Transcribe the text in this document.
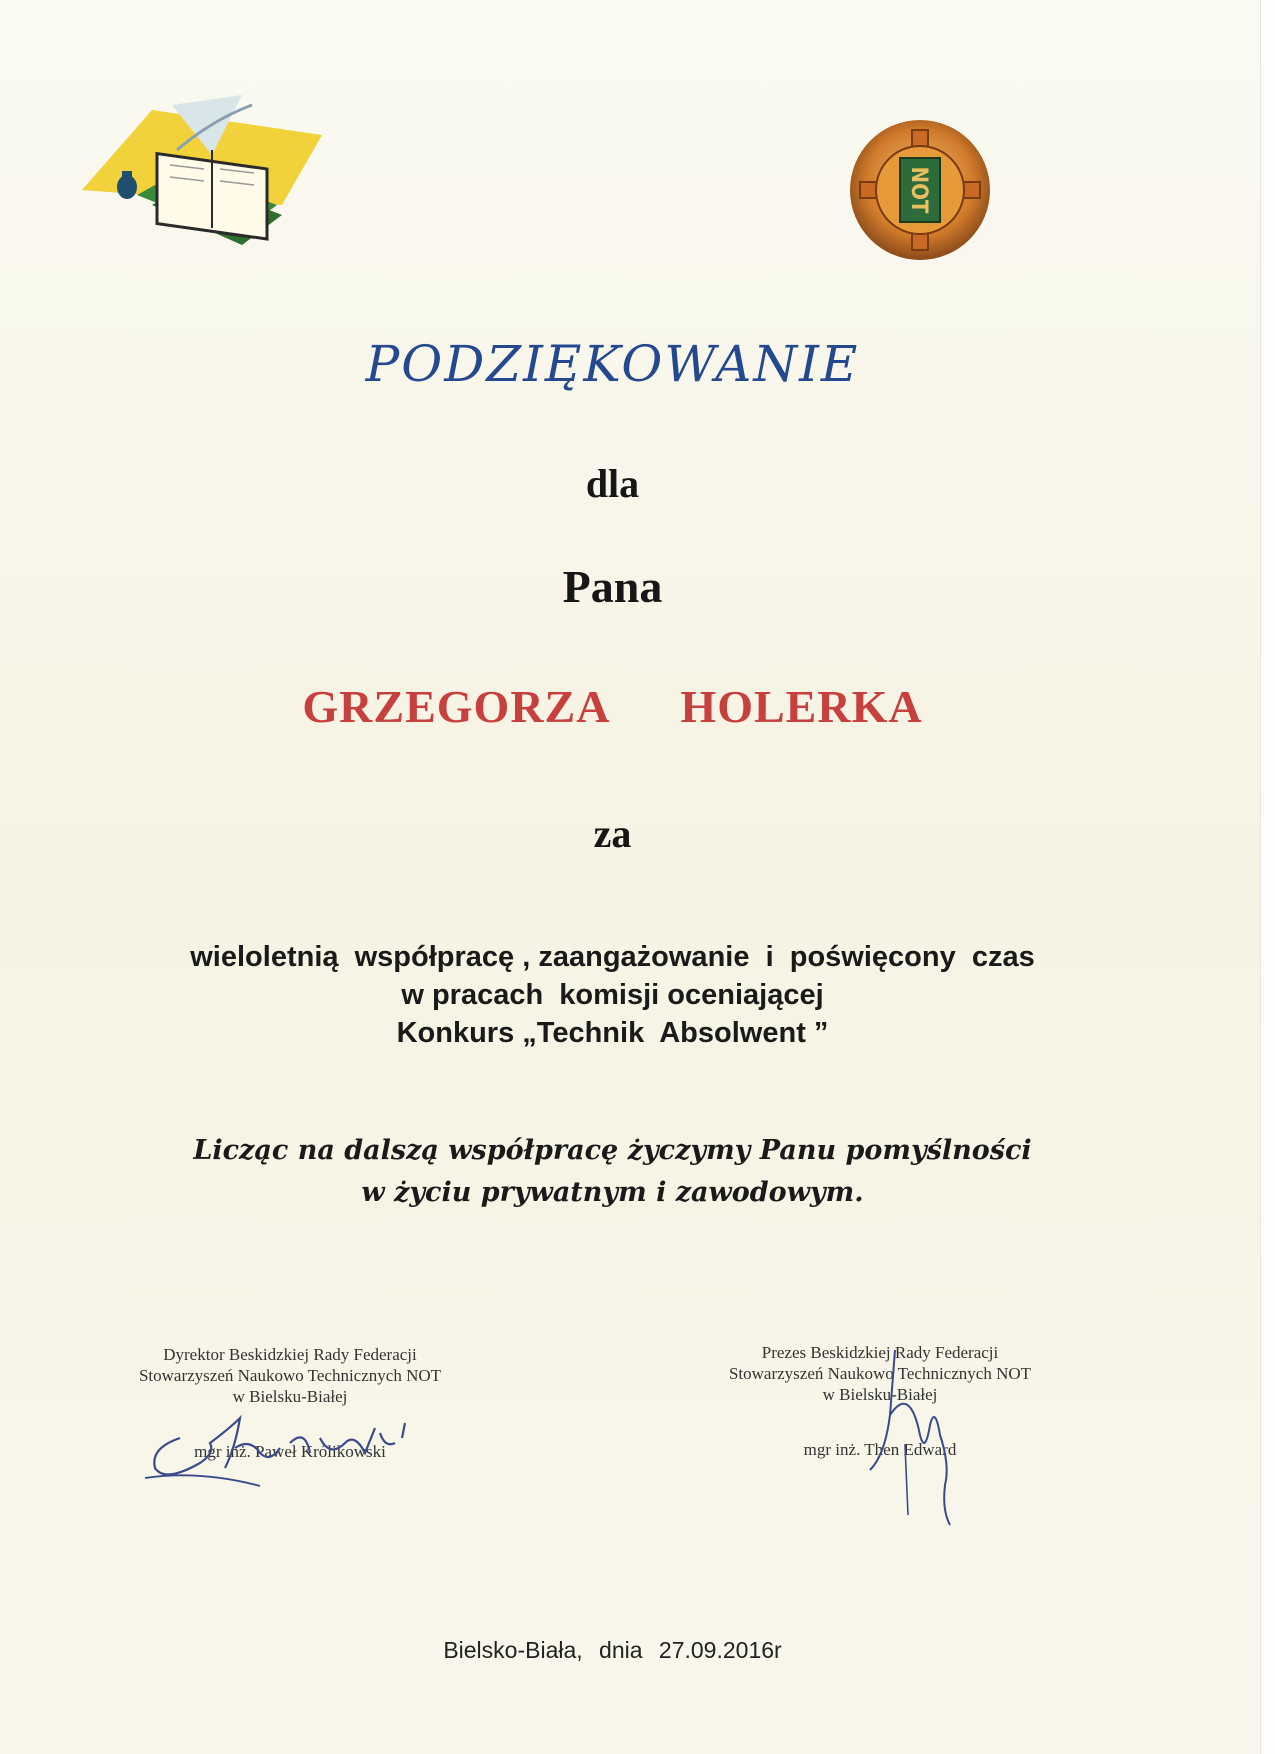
NOT
PODZIĘKOWANIE
dla
Pana
GRZEGORZA HOLERKA
za
wieloletnią  współpracę , zaangażowanie  i  poświęcony  czas
w pracach  komisji oceniającej
Konkurs „Technik  Absolwent ”
Licząc na dalszą współpracę życzymy Panu pomyślności
w życiu prywatnym i zawodowym.
Dyrektor Beskidzkiej Rady Federacji
Stowarzyszeń Naukowo Technicznych NOT
w Bielsku-Białej
mgr inż. Paweł Królikowski
Prezes Beskidzkiej Rady Federacji
Stowarzyszeń Naukowo Technicznych NOT
w Bielsku-Białej
mgr inż. Then Edward
Bielsko-Biała, dnia 27.09.2016r
